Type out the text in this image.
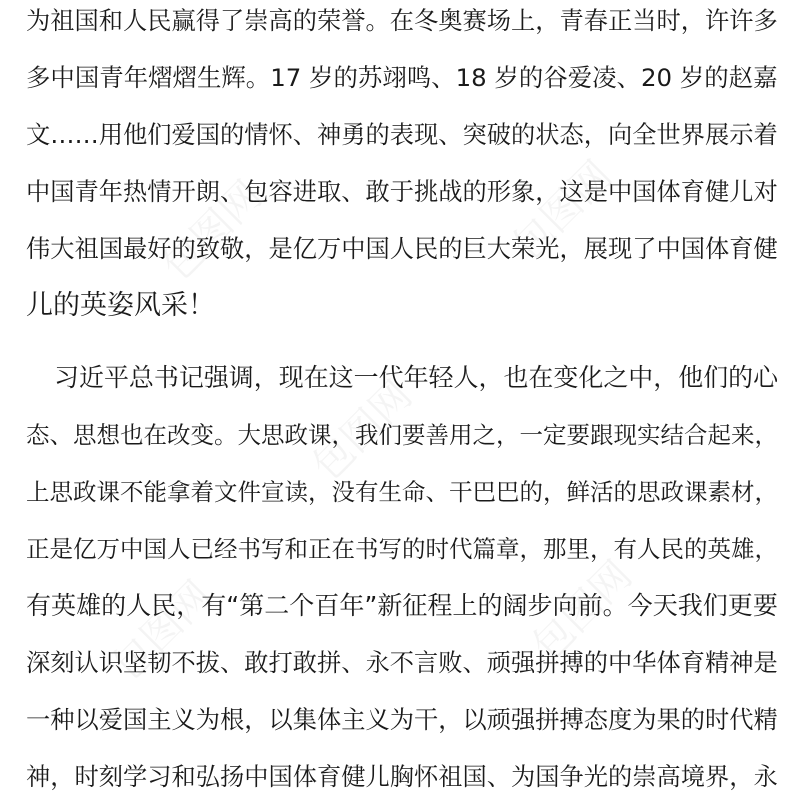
为祖国和人民赢得了崇高的荣誉。在冬奥赛场上，青春正当时，许许多
多中国青年熠熠生辉。17 岁的苏翊鸣、18 岁的谷爱凌、20 岁的赵嘉
文……用他们爱国的情怀、神勇的表现、突破的状态，向全世界展示着
中国青年热情开朗、包容进取、敢于挑战的形象，这是中国体育健儿对
伟大祖国最好的致敬，是亿万中国人民的巨大荣光，展现了中国体育健
儿的英姿风采！
习近平总书记强调，现在这一代年轻人，也在变化之中，他们的心
态、思想也在改变。大思政课，我们要善用之，一定要跟现实结合起来，
上思政课不能拿着文件宣读，没有生命、干巴巴的，鲜活的思政课素材，
正是亿万中国人已经书写和正在书写的时代篇章，那里，有人民的英雄，
有英雄的人民，有“第二个百年”新征程上的阔步向前。今天我们更要
深刻认识坚韧不拔、敢打敢拼、永不言败、顽强拼搏的中华体育精神是
一种以爱国主义为根，以集体主义为干，以顽强拼搏态度为果的时代精
神，时刻学习和弘扬中国体育健儿胸怀祖国、为国争光的崇高境界，永
